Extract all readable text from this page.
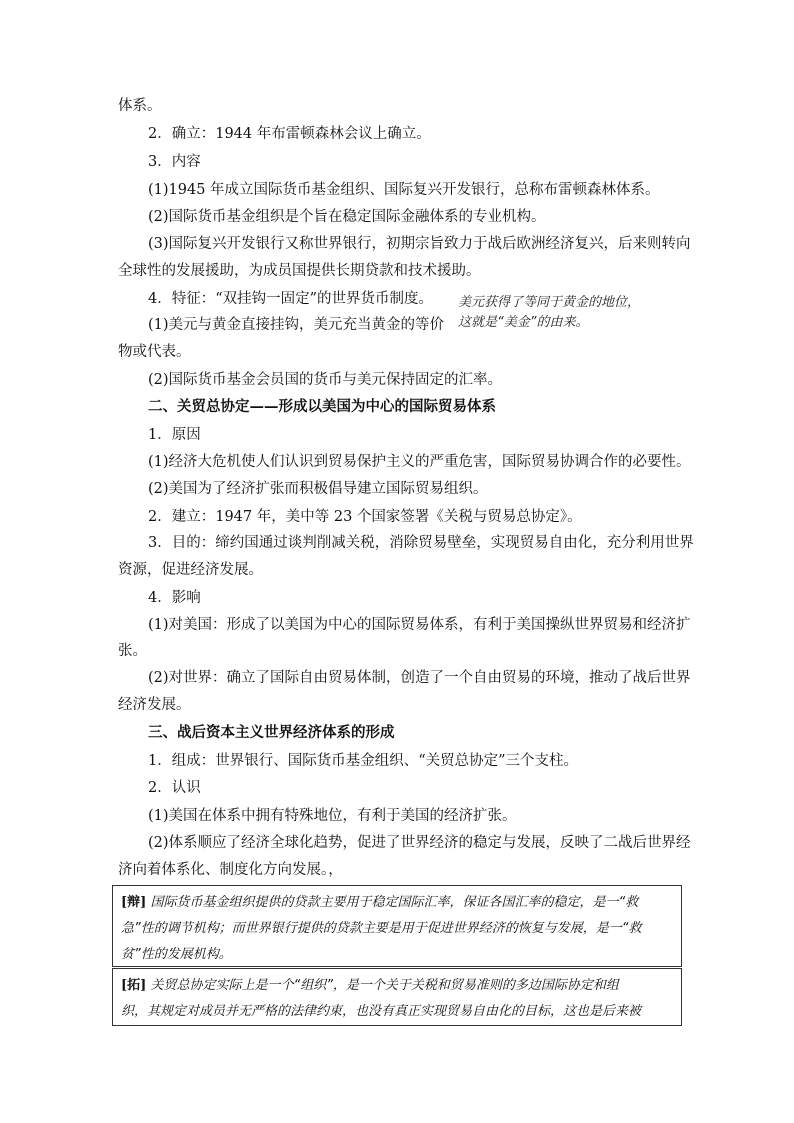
体系。
2．确立：1944 年布雷顿森林会议上确立。
3．内容
(1)1945 年成立国际货币基金组织、国际复兴开发银行，总称布雷顿森林体系。
(2)国际货币基金组织是个旨在稳定国际金融体系的专业机构。
(3)国际复兴开发银行又称世界银行，初期宗旨致力于战后欧洲经济复兴，后来则转向
全球性的发展援助，为成员国提供长期贷款和技术援助。
4．特征：“双挂钩一固定”的世界货币制度。
(1)美元与黄金直接挂钩，美元充当黄金的等价
物或代表。
(2)国际货币基金会员国的货币与美元保持固定的汇率。
二、关贸总协定——形成以美国为中心的国际贸易体系
1．原因
(1)经济大危机使人们认识到贸易保护主义的严重危害，国际贸易协调合作的必要性。
(2)美国为了经济扩张而积极倡导建立国际贸易组织。
2．建立：1947 年，美中等 23 个国家签署《关税与贸易总协定》。
3．目的：缔约国通过谈判削减关税，消除贸易壁垒，实现贸易自由化，充分利用世界
资源，促进经济发展。
4．影响
(1)对美国：形成了以美国为中心的国际贸易体系，有利于美国操纵世界贸易和经济扩
张。
(2)对世界：确立了国际自由贸易体制，创造了一个自由贸易的环境，推动了战后世界
经济发展。
三、战后资本主义世界经济体系的形成
1．组成：世界银行、国际货币基金组织、“关贸总协定”三个支柱。
2．认识
(1)美国在体系中拥有特殊地位，有利于美国的经济扩张。
(2)体系顺应了经济全球化趋势，促进了世界经济的稳定与发展，反映了二战后世界经
济向着体系化、制度化方向发展。，
美元获得了等同于黄金的地位，
这就是“美金”的由来。
[辩] 国际货币基金组织提供的贷款主要用于稳定国际汇率，保证各国汇率的稳定，是一“救
急”性的调节机构；而世界银行提供的贷款主要是用于促进世界经济的恢复与发展，是一“救
贫”性的发展机构。
[拓] 关贸总协定实际上是一个“组织”，是一个关于关税和贸易准则的多边国际协定和组
织，其规定对成员并无严格的法律约束，也没有真正实现贸易自由化的目标，这也是后来被
